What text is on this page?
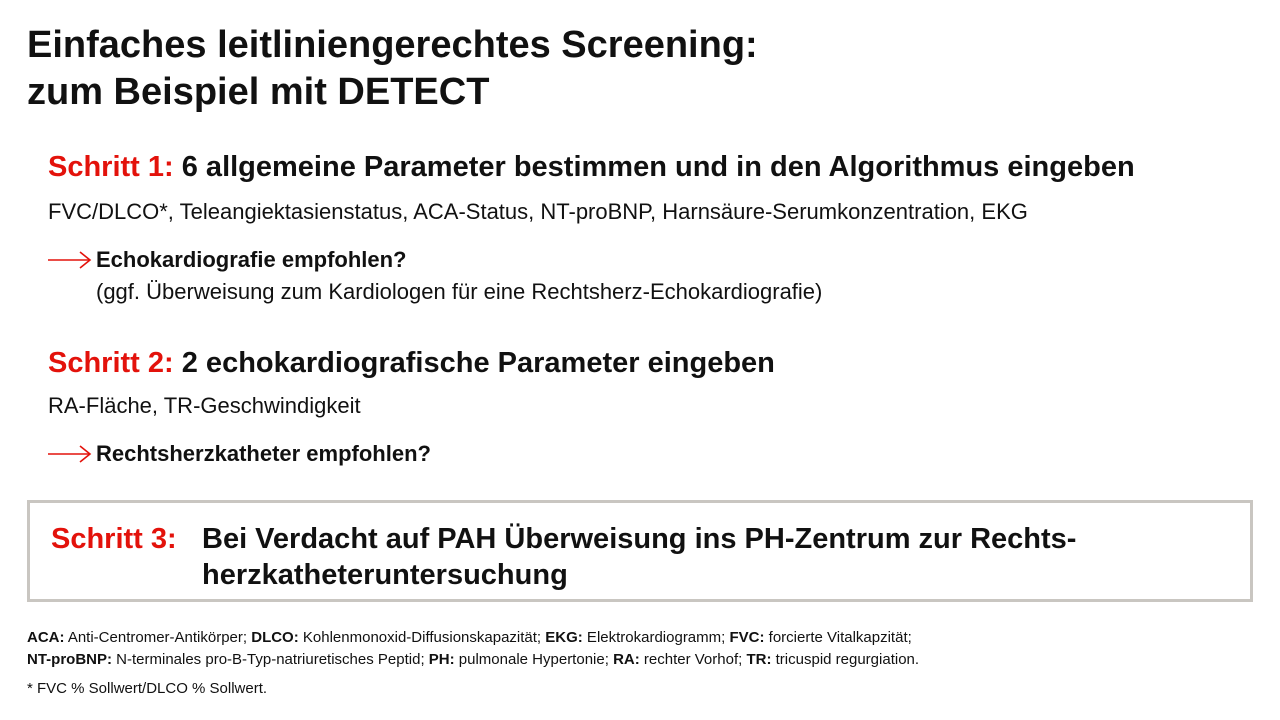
Einfaches leitliniengerechtes Screening:
zum Beispiel mit DETECT
Schritt 1: 6 allgemeine Parameter bestimmen und in den Algorithmus eingeben

FVC/DLCO*, Teleangiektasienstatus, ACA-Status, NT-proBNP, Harnsäure-Serumkonzentration, EKG

Echokardiografie empfohlen?
(ggf. Überweisung zum Kardiologen für eine Rechtsherz-Echokardiografie)
Schritt 2: 2 echokardiografische Parameter eingeben

RA-Fläche, TR-Geschwindigkeit

Rechtsherzkatheter empfohlen?
Schritt 3: Bei Verdacht auf PAH Überweisung ins PH-Zentrum zur Rechts-
herzkatheteruntersuchung
ACA: Anti-Centromer-Antikörper; DLCO: Kohlenmonoxid-Diffusionskapazität; EKG: Elektrokardiogramm; FVC: forcierte Vitalkapzität;
NT-proBNP: N-terminales pro-B-Typ-natriuretisches Peptid; PH: pulmonale Hypertonie; RA: rechter Vorhof; TR: tricuspid regurgiation.
* FVC % Sollwert/DLCO % Sollwert.
